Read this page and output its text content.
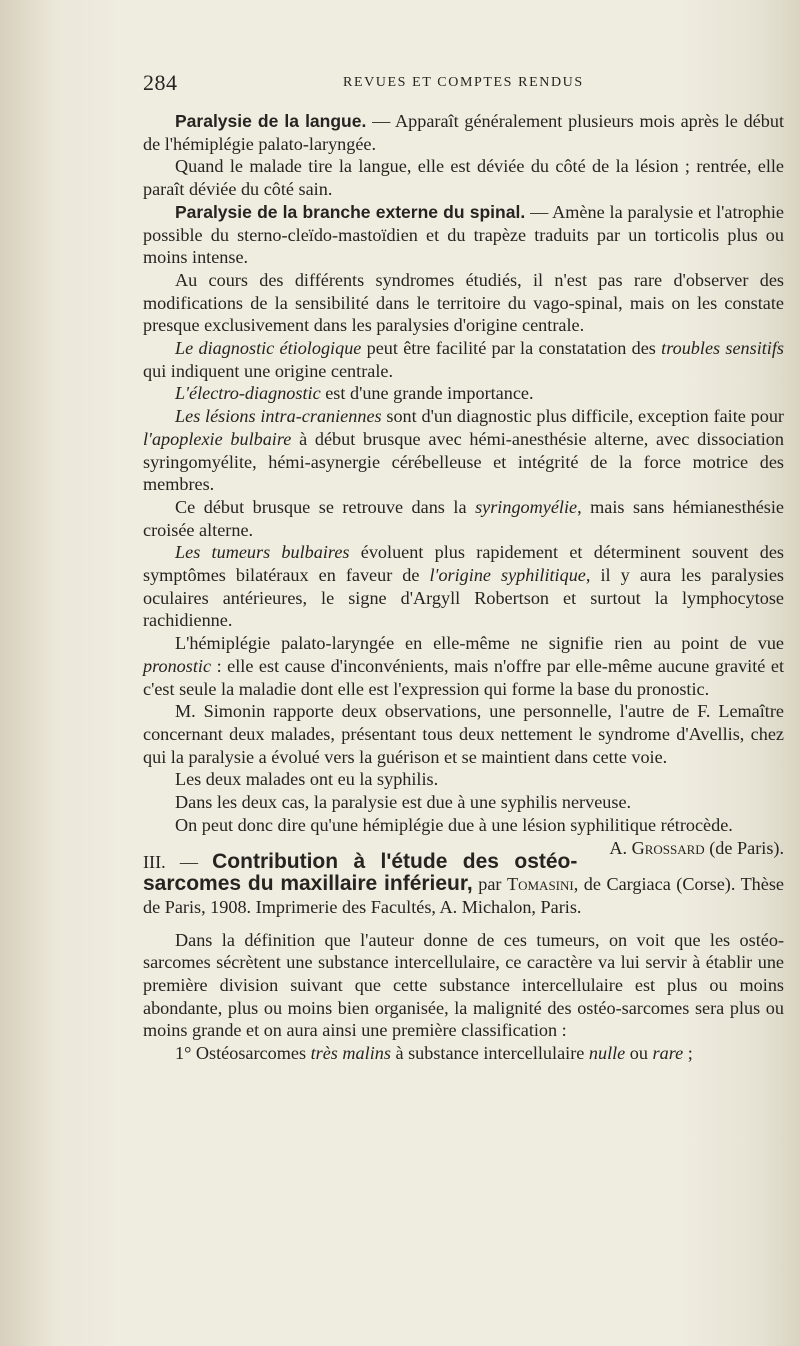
284	REVUES ET COMPTES RENDUS

Paralysie de la langue. — Apparaît généralement plusieurs mois après le début de l'hémiplégie palato-laryngée.

Quand le malade tire la langue, elle est déviée du côté de la lésion ; rentrée, elle paraît déviée du côté sain.

Paralysie de la branche externe du spinal. — Amène la paralysie et l'atrophie possible du sterno-cleïdo-mastoïdien et du trapèze traduits par un torticolis plus ou moins intense.

Au cours des différents syndromes étudiés, il n'est pas rare d'observer des modifications de la sensibilité dans le territoire du vago-spinal, mais on les constate presque exclusivement dans les paralysies d'origine centrale.

Le diagnostic étiologique peut être facilité par la constatation des troubles sensitifs qui indiquent une origine centrale.

L'électro-diagnostic est d'une grande importance.

Les lésions intra-craniennes sont d'un diagnostic plus difficile, exception faite pour l'apoplexie bulbaire à début brusque avec hémi-anesthésie alterne, avec dissociation syringomyélite, hémi-asynergie cérébelleuse et intégrité de la force motrice des membres.

Ce début brusque se retrouve dans la syringomyélie, mais sans hémianesthésie croisée alterne.

Les tumeurs bulbaires évoluent plus rapidement et déterminent souvent des symptômes bilatéraux en faveur de l'origine syphilitique, il y aura les paralysies oculaires antérieures, le signe d'Argyll Robertson et surtout la lymphocytose rachidienne.

L'hémiplégie palato-laryngée en elle-même ne signifie rien au point de vue pronostic : elle est cause d'inconvénients, mais n'offre par elle-même aucune gravité et c'est seule la maladie dont elle est l'expression qui forme la base du pronostic.

M. Simonin rapporte deux observations, une personnelle, l'autre de F. Lemaître concernant deux malades, présentant tous deux nettement le syndrome d'Avellis, chez qui la paralysie a évolué vers la guérison et se maintient dans cette voie.

Les deux malades ont eu la syphilis.

Dans les deux cas, la paralysie est due à une syphilis nerveuse.

On peut donc dire qu'une hémiplégie due à une lésion syphilitique rétrocède.
A. Grossard (de Paris).

III. — Contribution à l'étude des ostéo-sarcomes du maxillaire inférieur, par Tomasini, de Cargiaca (Corse). Thèse de Paris, 1908. Imprimerie des Facultés, A. Michalon, Paris.

Dans la définition que l'auteur donne de ces tumeurs, on voit que les ostéo-sarcomes sécrètent une substance intercellulaire, ce caractère va lui servir à établir une première division suivant que cette substance intercellulaire est plus ou moins abondante, plus ou moins bien organisée, la malignité des ostéo-sarcomes sera plus ou moins grande et on aura ainsi une première classification :

1° Ostéosarcomes très malins à substance intercellulaire nulle ou rare ;
